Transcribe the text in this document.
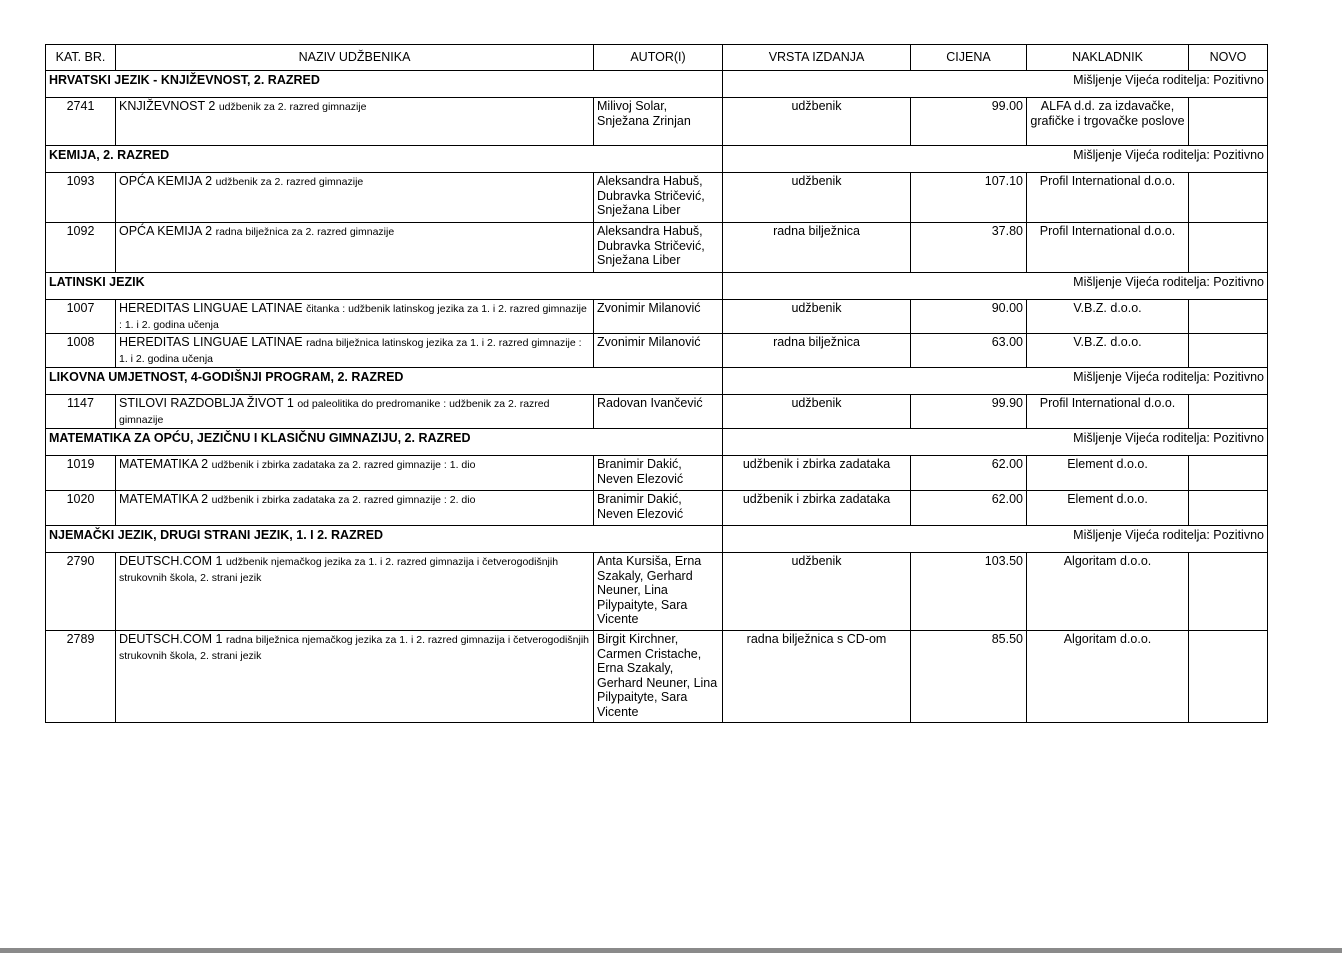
KAT. BR.	NAZIV UDŽBENIKA	AUTOR(I)	VRSTA IZDANJA	CIJENA	NAKLADNIK	NOVO
HRVATSKI JEZIK - KNJIŽEVNOST, 2. RAZRED			Mišljenje Vijeća roditelja: Pozitivno			
2741	KNJIŽEVNOST 2 udžbenik za 2. razred gimnazije	Milivoj Solar, Snježana Zrinjan	udžbenik	99.00	ALFA d.d. za izdavačke, grafičke i trgovačke poslove	
KEMIJA, 2. RAZRED			Mišljenje Vijeća roditelja: Pozitivno			
1093	OPĆA KEMIJA 2 udžbenik za 2. razred gimnazije	Aleksandra Habuš, Dubravka Stričević, Snježana Liber	udžbenik	107.10	Profil International d.o.o.	
1092	OPĆA KEMIJA 2 radna bilježnica za 2. razred gimnazije	Aleksandra Habuš, Dubravka Stričević, Snježana Liber	radna bilježnica	37.80	Profil International d.o.o.	
LATINSKI JEZIK			Mišljenje Vijeća roditelja: Pozitivno			
1007	HEREDITAS LINGUAE LATINAE čitanka : udžbenik latinskog jezika za 1. i 2. razred gimnazije : 1. i 2. godina učenja	Zvonimir Milanović	udžbenik	90.00	V.B.Z. d.o.o.	
1008	HEREDITAS LINGUAE LATINAE radna bilježnica latinskog jezika za 1. i 2. razred gimnazije : 1. i 2. godina učenja	Zvonimir Milanović	radna bilježnica	63.00	V.B.Z. d.o.o.	
LIKOVNA UMJETNOST, 4-GODIŠNJI PROGRAM, 2. RAZRED			Mišljenje Vijeća roditelja: Pozitivno			
1147	STILOVI RAZDOBLJA ŽIVOT 1 od paleolitika do predromanike : udžbenik za 2. razred gimnazije	Radovan Ivančević	udžbenik	99.90	Profil International d.o.o.	
MATEMATIKA ZA OPĆU, JEZIČNU I KLASIČNU GIMNAZIJU, 2. RAZRED			Mišljenje Vijeća roditelja: Pozitivno			
1019	MATEMATIKA 2 udžbenik i zbirka zadataka za 2. razred gimnazije : 1. dio	Branimir Dakić, Neven Elezović	udžbenik i zbirka zadataka	62.00	Element d.o.o.	
1020	MATEMATIKA 2 udžbenik i zbirka zadataka za 2. razred gimnazije : 2. dio	Branimir Dakić, Neven Elezović	udžbenik i zbirka zadataka	62.00	Element d.o.o.	
NJEMAČKI JEZIK, DRUGI STRANI JEZIK, 1. I 2. RAZRED			Mišljenje Vijeća roditelja: Pozitivno			
2790	DEUTSCH.COM 1 udžbenik njemačkog jezika za 1. i 2. razred gimnazija i četverogodišnjih strukovnih škola, 2. strani jezik	Anta Kursiša, Erna Szakaly, Gerhard Neuner, Lina Pilypaityte, Sara Vicente	udžbenik	103.50	Algoritam d.o.o.	
2789	DEUTSCH.COM 1 radna bilježnica njemačkog jezika za 1. i 2. razred gimnazija i četverogodišnjih strukovnih škola, 2. strani jezik	Birgit Kirchner, Carmen Cristache, Erna Szakaly, Gerhard Neuner, Lina Pilypaityte, Sara Vicente	radna bilježnica s CD-om	85.50	Algoritam d.o.o.	
